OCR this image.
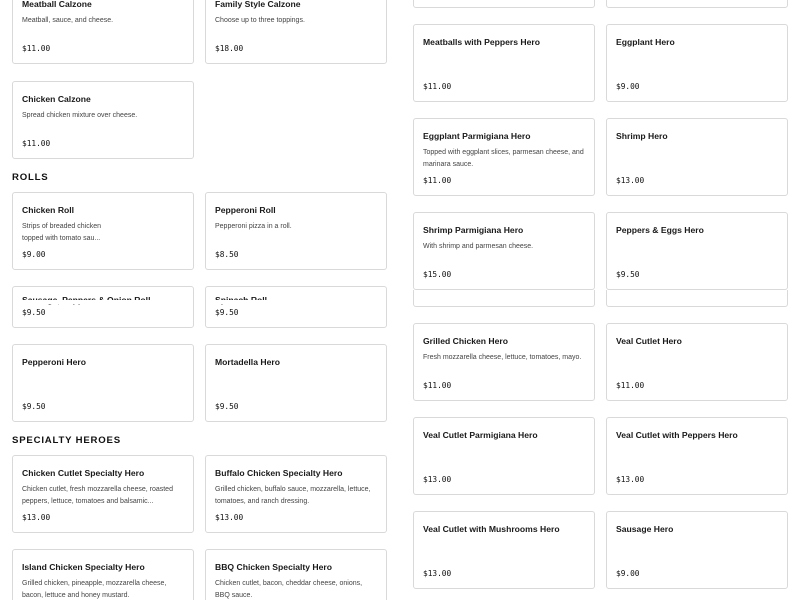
Meatball Calzone
Meatball, sauce, and cheese.
$11.00
Family Style Calzone
Choose up to three toppings.
$18.00
Chicken Calzone
Spread chicken mixture over cheese.
$11.00
ROLLS
Chicken Roll
Strips of breaded chicken topped with tomato sau...
$9.00
Pepperoni Roll
Pepperoni pizza in a roll.
$8.50
$9.50	$9.50
Pepperoni Hero
$9.50
Mortadella Hero
$9.50
SPECIALTY HEROES
Chicken Cutlet Specialty Hero
Chicken cutlet, fresh mozzarella cheese, roasted peppers, lettuce, tomatoes and balsamic...
$13.00
Buffalo Chicken Specialty Hero
Grilled chicken, buffalo sauce, mozzarella, lettuce, tomatoes, and ranch dressing.
$13.00
Island Chicken Specialty Hero
Grilled chicken, pineapple, mozzarella cheese, bacon, lettuce and honey mustard.
BBQ Chicken Specialty Hero
Chicken cutlet, bacon, cheddar cheese, onions, BBQ sauce.
Meatballs with Peppers Hero
$11.00
Eggplant Hero
$9.00
Eggplant Parmigiana Hero
Topped with eggplant slices, parmesan cheese, and marinara sauce.
$11.00
Shrimp Hero
$13.00
Shrimp Parmigiana Hero
With shrimp and parmesan cheese.
$15.00
Peppers & Eggs Hero
$9.50
Grilled Chicken Hero
Fresh mozzarella cheese, lettuce, tomatoes, mayo.
$11.00
Veal Cutlet Hero
$11.00
Veal Cutlet Parmigiana Hero
$13.00
Veal Cutlet with Peppers Hero
$13.00
Veal Cutlet with Mushrooms Hero
$13.00
Sausage Hero
$9.00
